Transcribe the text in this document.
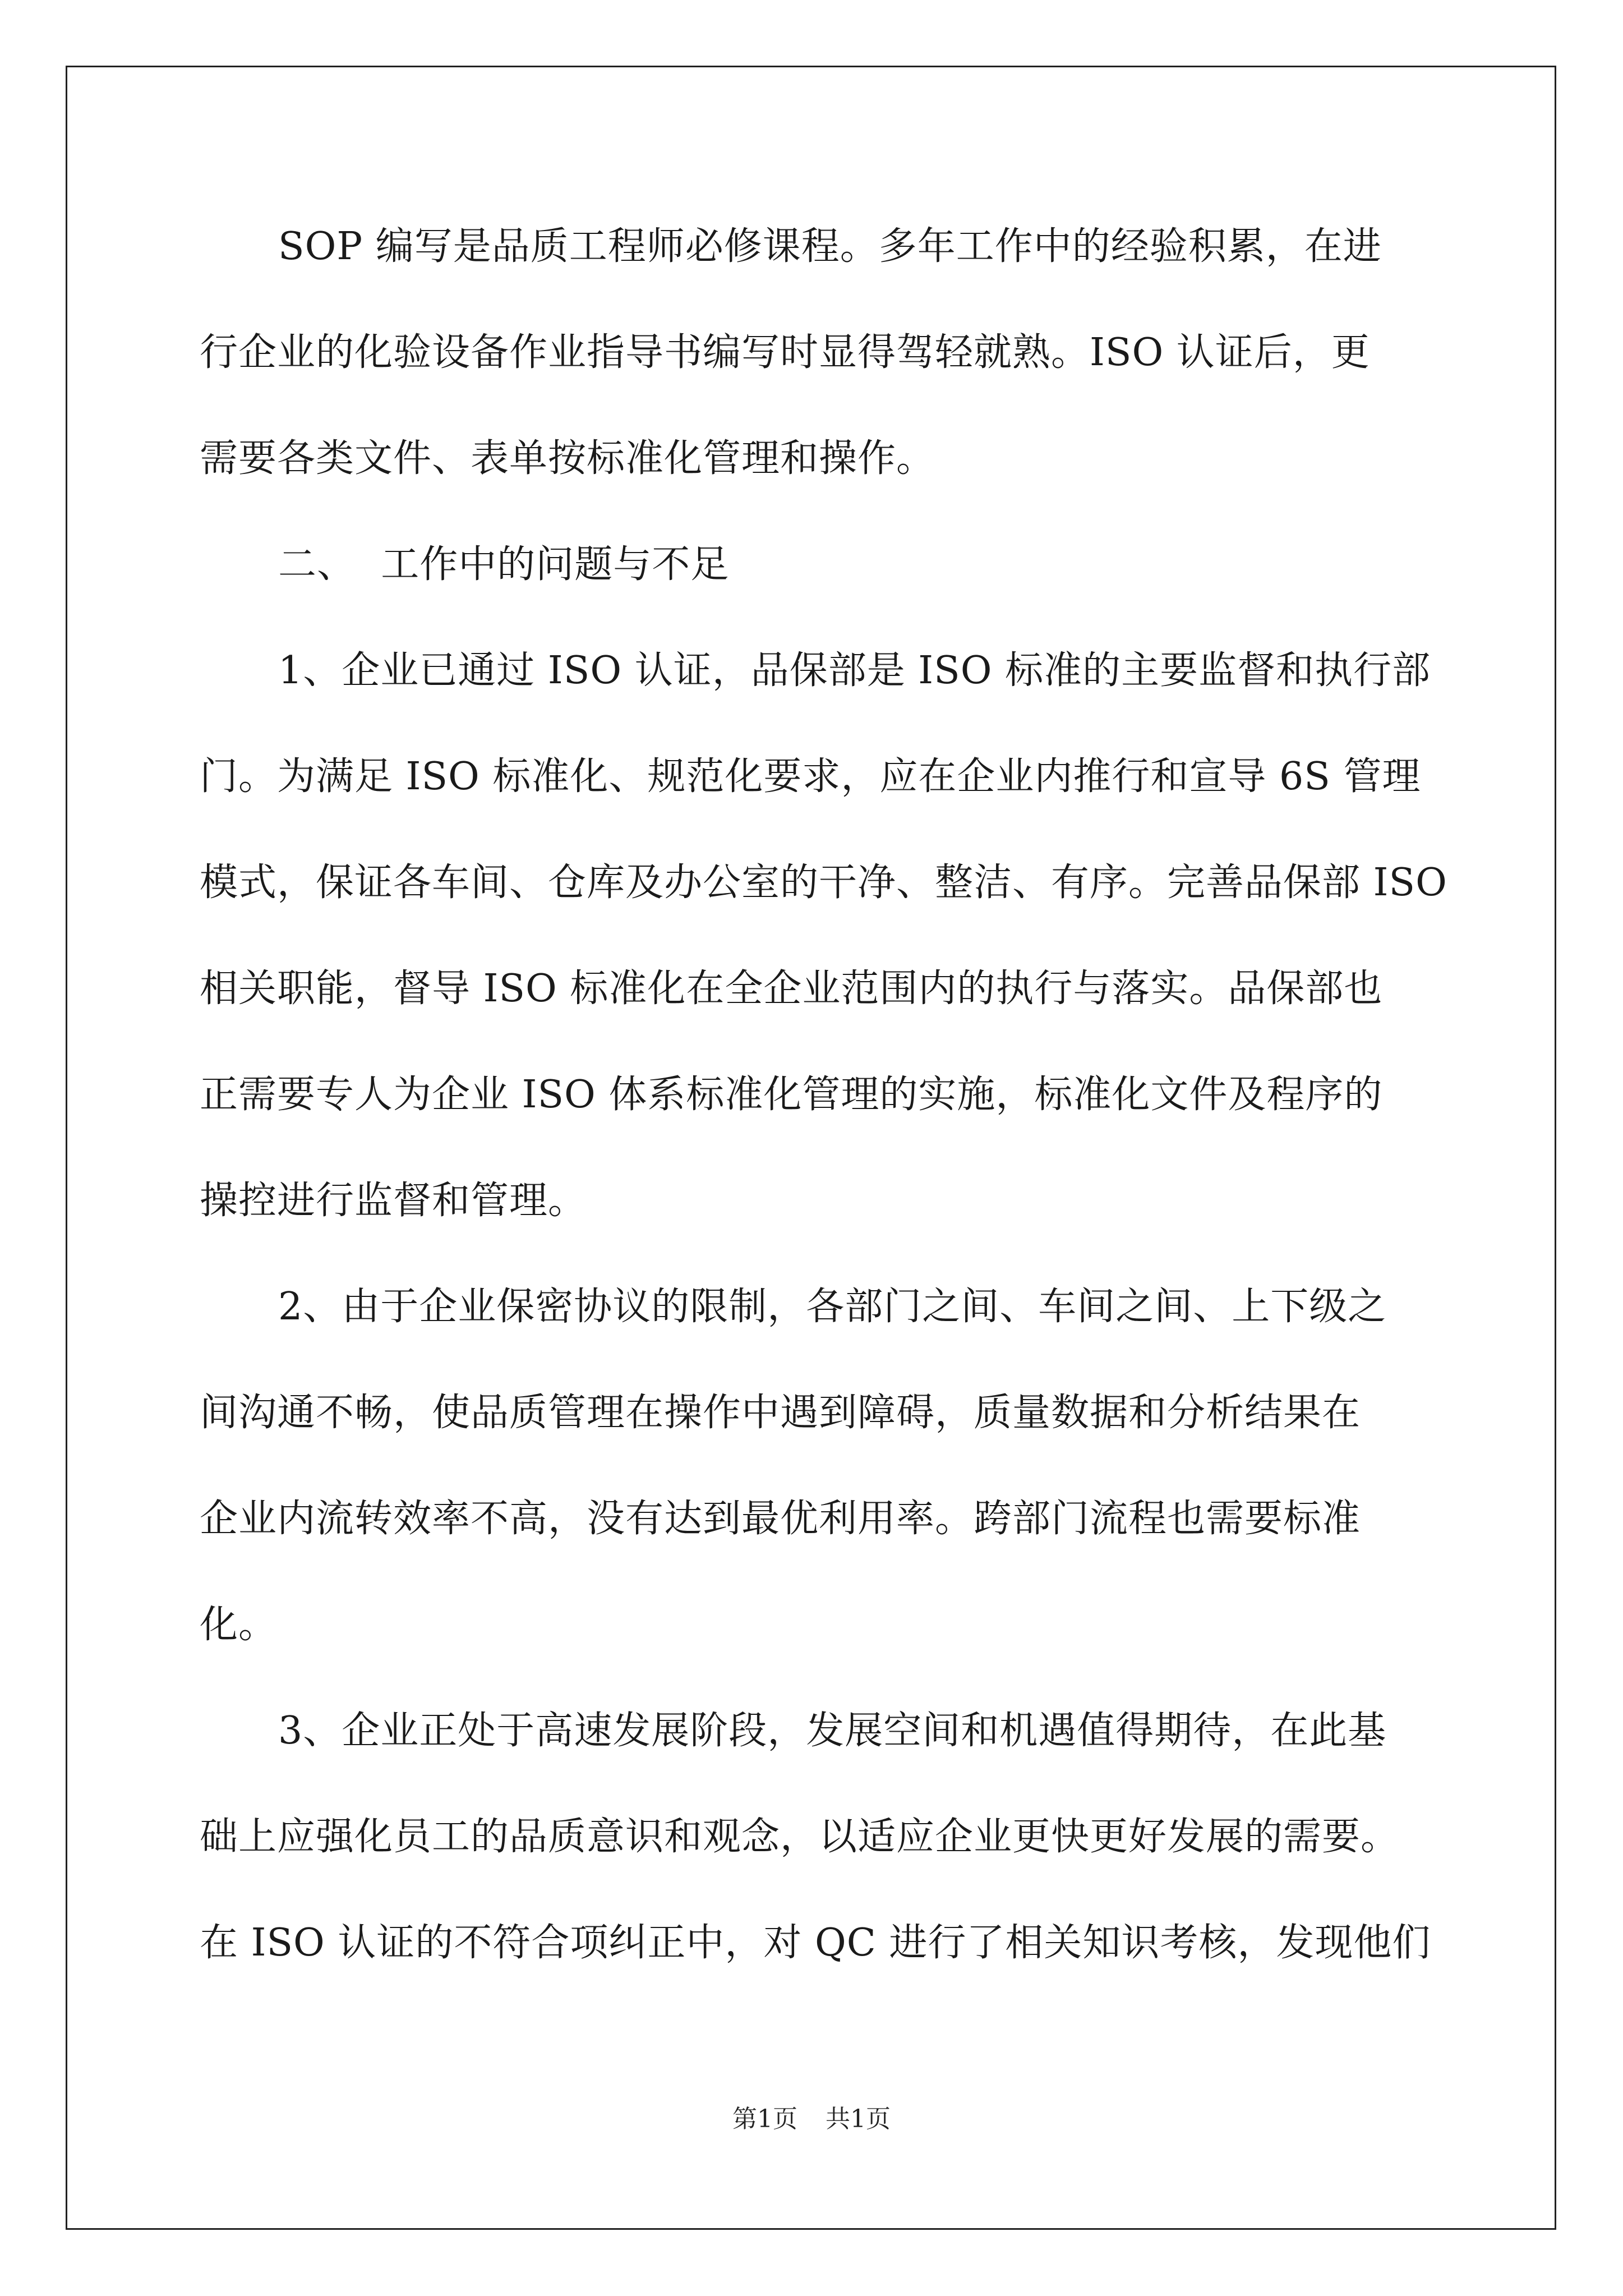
SOP 编写是品质工程师必修课程。多年工作中的经验积累，在进
行企业的化验设备作业指导书编写时显得驾轻就熟。ISO 认证后，更
需要各类文件、表单按标准化管理和操作。
二、  工作中的问题与不足
1、企业已通过 ISO 认证，品保部是 ISO 标准的主要监督和执行部
门。为满足 ISO 标准化、规范化要求，应在企业内推行和宣导 6S 管理
模式，保证各车间、仓库及办公室的干净、整洁、有序。完善品保部 ISO
相关职能，督导 ISO 标准化在全企业范围内的执行与落实。品保部也
正需要专人为企业 ISO 体系标准化管理的实施，标准化文件及程序的
操控进行监督和管理。
2、由于企业保密协议的限制，各部门之间、车间之间、上下级之
间沟通不畅，使品质管理在操作中遇到障碍，质量数据和分析结果在
企业内流转效率不高，没有达到最优利用率。跨部门流程也需要标准
化。
3、企业正处于高速发展阶段，发展空间和机遇值得期待，在此基
础上应强化员工的品质意识和观念，以适应企业更快更好发展的需要。
在 ISO 认证的不符合项纠正中，对 QC 进行了相关知识考核，发现他们
第1页 共1页
